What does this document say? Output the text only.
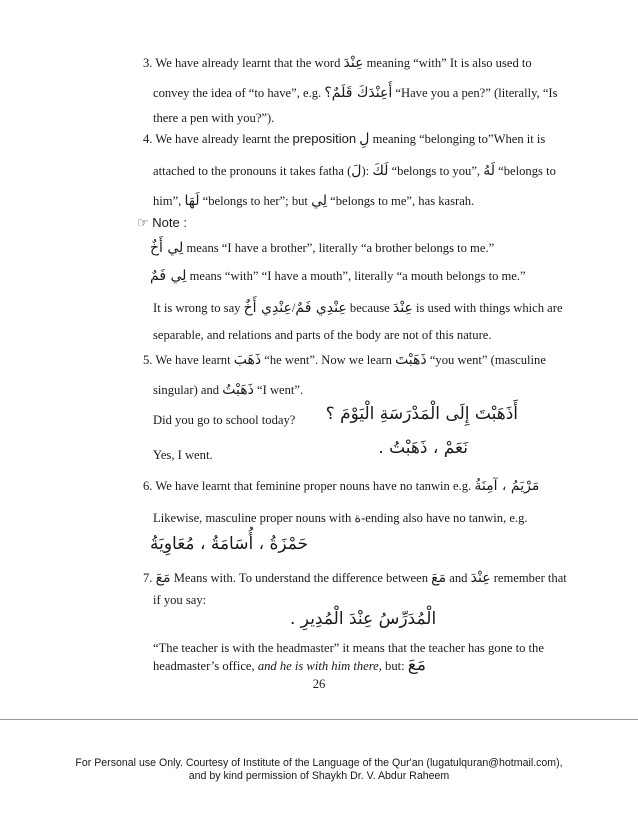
3. We have already learnt that the word عِنْدَ meaning “with” It is also used to
convey the idea of “to have”, e.g. أَعِنْدَكَ قَلَمٌ؟ “Have you a pen?” (literally, “Is
there a pen with you?”).
4. We have already learnt the preposition لِ meaning “belonging to”When it is
attached to the pronouns it takes fatha (لَ): لَكَ “belongs to you”, لَهُ “belongs to
him”, لَهَا “belongs to her”; but لِي “belongs to me”, has kasrah.
☞ Note :
لِي أَخٌ means “I have a brother”, literally “a brother belongs to me.”
لِي فَمٌ means “with” “I have a mouth”, literally “a mouth belongs to me.”
It is wrong to say عِنْدِي أَخٌ/عِنْدِي فَمٌ because عِنْدَ is used with things which are
separable, and relations and parts of the body are not of this nature.
5. We have learnt ذَهَبَ “he went”. Now we learn ذَهَبْتَ “you went” (masculine
singular) and ذَهَبْتُ “I went”.
Did you go to school today? أَذَهَبْتَ إِلَى الْمَدْرَسَةِ الْيَوْمَ ؟
Yes, I went.	نَعَمْ ، ذَهَبْتُ .
6. We have learnt that feminine proper nouns have no tanwin e.g. مَرْيَمُ ، آمِنَةُ
Likewise, masculine proper nouns with ة-ending also have no tanwin, e.g.
حَمْزَةُ ، أُسَامَةُ ، مُعَاوِيَةُ
7. مَعَ Means with. To understand the difference between مَعَ and عِنْدَ remember that
if you say:
الْمُدَرِّسُ عِنْدَ الْمُدِيرِ .
“The teacher is with the headmaster” it means that the teacher has gone to the
headmaster’s office, and he is with him there, but: مَعَ
26
For Personal use Only. Courtesy of Institute of the Language of the Qur'an (lugatulquran@hotmail.com),
and by kind permission of Shaykh Dr. V. Abdur Raheem
